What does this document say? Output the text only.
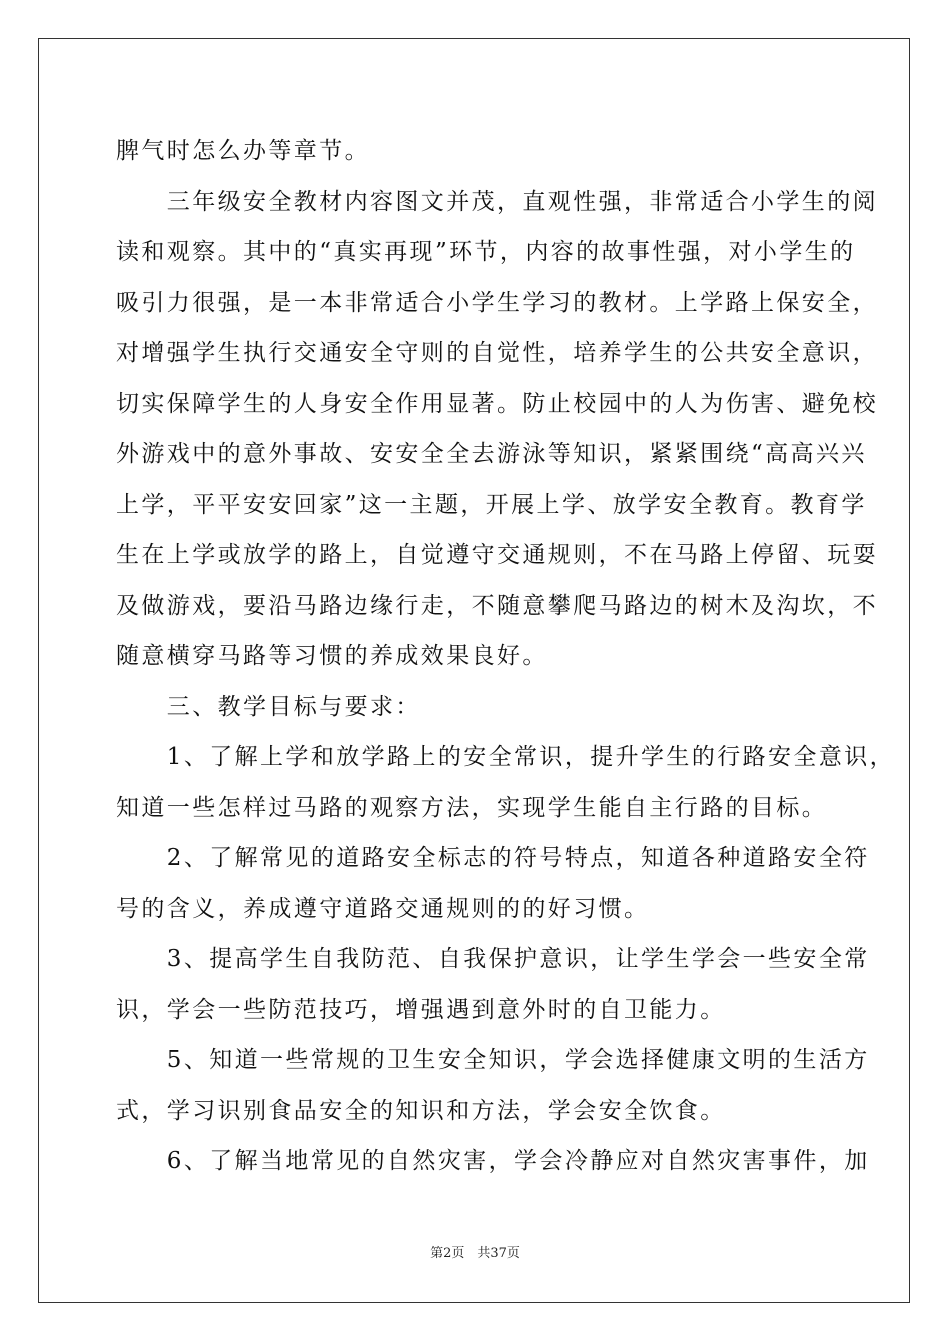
脾气时怎么办等章节。
　　三年级安全教材内容图文并茂，直观性强，非常适合小学生的阅
读和观察。其中的“真实再现”环节，内容的故事性强，对小学生的
吸引力很强，是一本非常适合小学生学习的教材。上学路上保安全，
对增强学生执行交通安全守则的自觉性，培养学生的公共安全意识，
切实保障学生的人身安全作用显著。防止校园中的人为伤害、避免校
外游戏中的意外事故、安安全全去游泳等知识，紧紧围绕“高高兴兴
上学，平平安安回家”这一主题，开展上学、放学安全教育。教育学
生在上学或放学的路上，自觉遵守交通规则，不在马路上停留、玩耍
及做游戏，要沿马路边缘行走，不随意攀爬马路边的树木及沟坎，不
随意横穿马路等习惯的养成效果良好。
　　三、教学目标与要求：
　　1、了解上学和放学路上的安全常识，提升学生的行路安全意识，
知道一些怎样过马路的观察方法，实现学生能自主行路的目标。
　　2、了解常见的道路安全标志的符号特点，知道各种道路安全符
号的含义，养成遵守道路交通规则的的好习惯。
　　3、提高学生自我防范、自我保护意识，让学生学会一些安全常
识，学会一些防范技巧，增强遇到意外时的自卫能力。
　　5、知道一些常规的卫生安全知识，学会选择健康文明的生活方
式，学习识别食品安全的知识和方法，学会安全饮食。
　　6、了解当地常见的自然灾害，学会冷静应对自然灾害事件，加
第2页　共37页
